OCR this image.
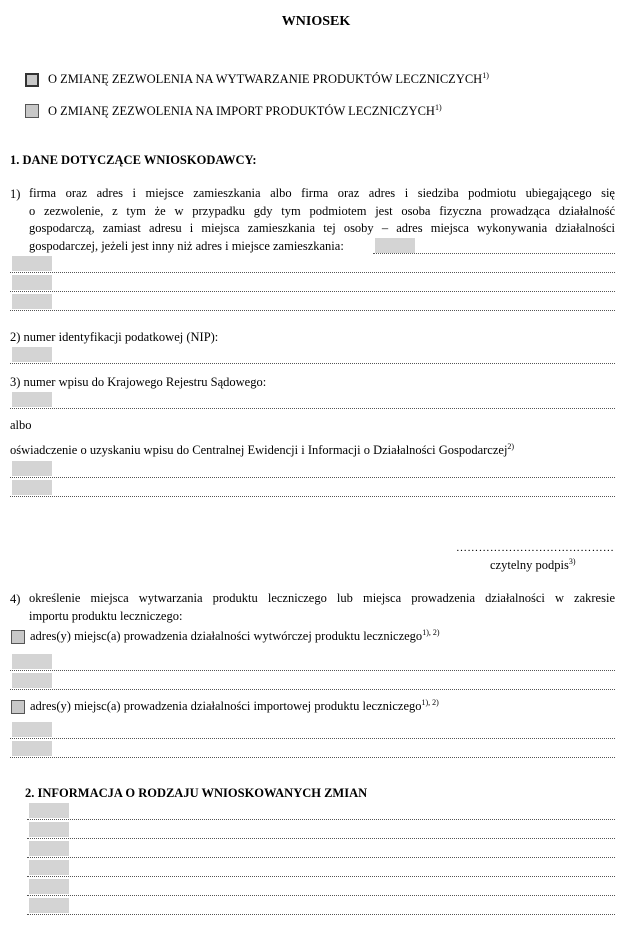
WNIOSEK
O ZMIANĘ ZEZWOLENIA NA WYTWARZANIE PRODUKTÓW LECZNICZYCH$^{1)}$
O ZMIANĘ ZEZWOLENIA NA IMPORT PRODUKTÓW LECZNICZYCH$^{1)}$
1. DANE DOTYCZĄCE WNIOSKODAWCY:
1) firma oraz adres i miejsce zamieszkania albo firma oraz adres i siedziba podmiotu ubiegającego się
o zezwolenie, z tym że w przypadku gdy tym podmiotem jest osoba fizyczna prowadząca działalność
gospodarczą, zamiast adresu i miejsca zamieszkania tej osoby – adres miejsca wykonywania działalności
gospodarczej, jeżeli jest inny niż adres i miejsce zamieszkania:
2) numer identyfikacji podatkowej (NIP):
3) numer wpisu do Krajowego Rejestru Sądowego:
albo
oświadczenie o uzyskaniu wpisu do Centralnej Ewidencji i Informacji o Działalności Gospodarczej$^{2)}$
……………………………………
czytelny podpis$^{3)}$
4) określenie miejsca wytwarzania produktu leczniczego lub miejsca prowadzenia działalności w zakresie
importu produktu leczniczego:
adres(y) miejsc(a) prowadzenia działalności wytwórczej produktu leczniczego$^{1), 2)}$
adres(y) miejsc(a) prowadzenia działalności importowej produktu leczniczego$^{1), 2)}$
2. INFORMACJA O RODZAJU WNIOSKOWANYCH ZMIAN
